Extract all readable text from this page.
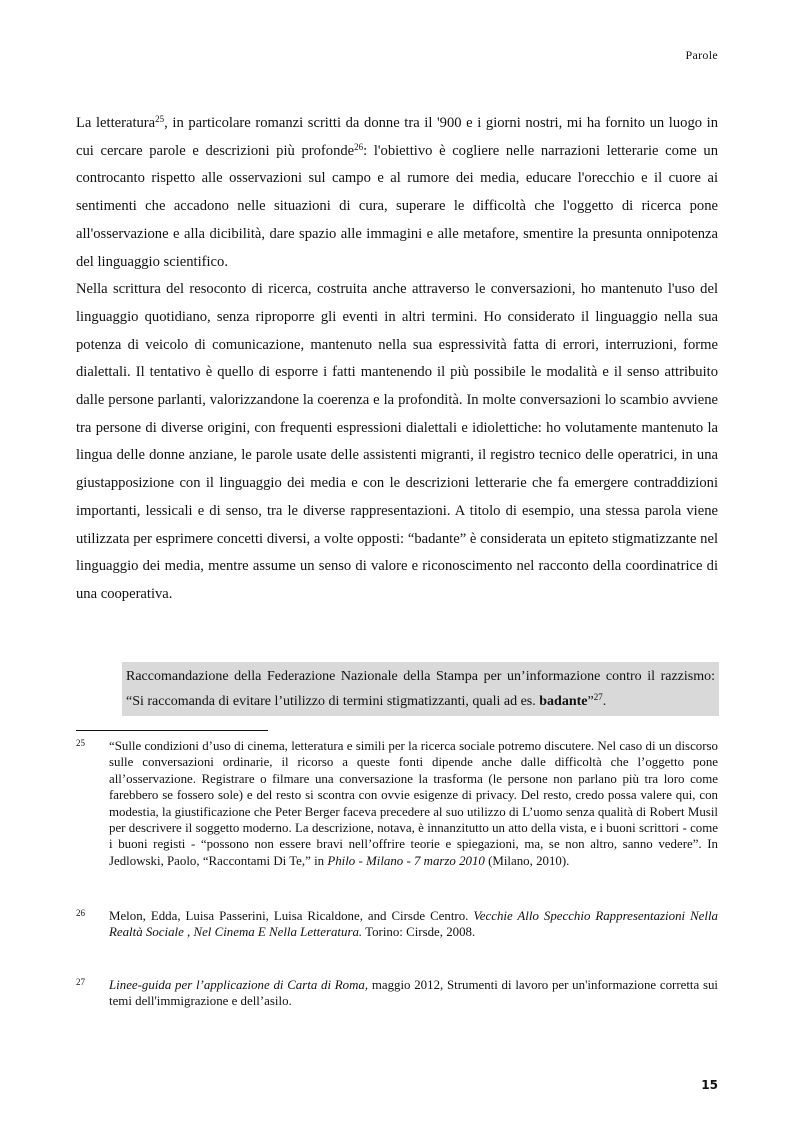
Parole

La letteratura$^{25}$, in particolare romanzi scritti da donne tra il '900 e i giorni nostri, mi ha fornito un luogo in cui cercare parole e descrizioni più profonde$^{26}$: l'obiettivo è cogliere nelle narrazioni letterarie come un controcanto rispetto alle osservazioni sul campo e al rumore dei media, educare l'orecchio e il cuore ai sentimenti che accadono nelle situazioni di cura, superare le difficoltà che l'oggetto di ricerca pone all'osservazione e alla dicibilità, dare spazio alle immagini e alle metafore, smentire la presunta onnipotenza del linguaggio scientifico.

Nella scrittura del resoconto di ricerca, costruita anche attraverso le conversazioni, ho mantenuto l'uso del linguaggio quotidiano, senza riproporre gli eventi in altri termini. Ho considerato il linguaggio nella sua potenza di veicolo di comunicazione, mantenuto nella sua espressività fatta di errori, interruzioni, forme dialettali. Il tentativo è quello di esporre i fatti mantenendo il più possibile le modalità e il senso attribuito dalle persone parlanti, valorizzandone la coerenza e la profondità. In molte conversazioni lo scambio avviene tra persone di diverse origini, con frequenti espressioni dialettali e idiolettiche: ho volutamente mantenuto la lingua delle donne anziane, le parole usate delle assistenti migranti, il registro tecnico delle operatrici, in una giustapposizione con il linguaggio dei media e con le descrizioni letterarie che fa emergere contraddizioni importanti, lessicali e di senso, tra le diverse rappresentazioni. A titolo di esempio, una stessa parola viene utilizzata per esprimere concetti diversi, a volte opposti: “badante” è considerata un epiteto stigmatizzante nel linguaggio dei media, mentre assume un senso di valore e riconoscimento nel racconto della coordinatrice di una cooperativa.

Raccomandazione della Federazione Nazionale della Stampa per un’informazione contro il razzismo: “Si raccomanda di evitare l’utilizzo di termini stigmatizzanti, quali ad es. badante”$^{27}$.
25 “Sulle condizioni d’uso di cinema, letteratura e simili per la ricerca sociale potremo discutere. Nel caso di un discorso sulle conversazioni ordinarie, il ricorso a queste fonti dipende anche dalle difficoltà che l’oggetto pone all’osservazione. Registrare o filmare una conversazione la trasforma (le persone non parlano più tra loro come farebbero se fossero sole) e del resto si scontra con ovvie esigenze di privacy. Del resto, credo possa valere qui, con modestia, la giustificazione che Peter Berger faceva precedere al suo utilizzo di L’uomo senza qualità di Robert Musil per descrivere il soggetto moderno. La descrizione, notava, è innanzitutto un atto della vista, e i buoni scrittori - come i buoni registi - “possono non essere bravi nell’offrire teorie e spiegazioni, ma, se non altro, sanno vedere”. In Jedlowski, Paolo, “Raccontami Di Te,” in Philo - Milano - 7 marzo 2010 (Milano, 2010).
26 Melon, Edda, Luisa Passerini, Luisa Ricaldone, and Cirsde Centro. Vecchie Allo Specchio Rappresentazioni Nella Realtà Sociale , Nel Cinema E Nella Letteratura. Torino: Cirsde, 2008.
27 Linee-guida per l’applicazione di Carta di Roma, maggio 2012, Strumenti di lavoro per un'informazione corretta sui temi dell'immigrazione e dell’asilo.
15
